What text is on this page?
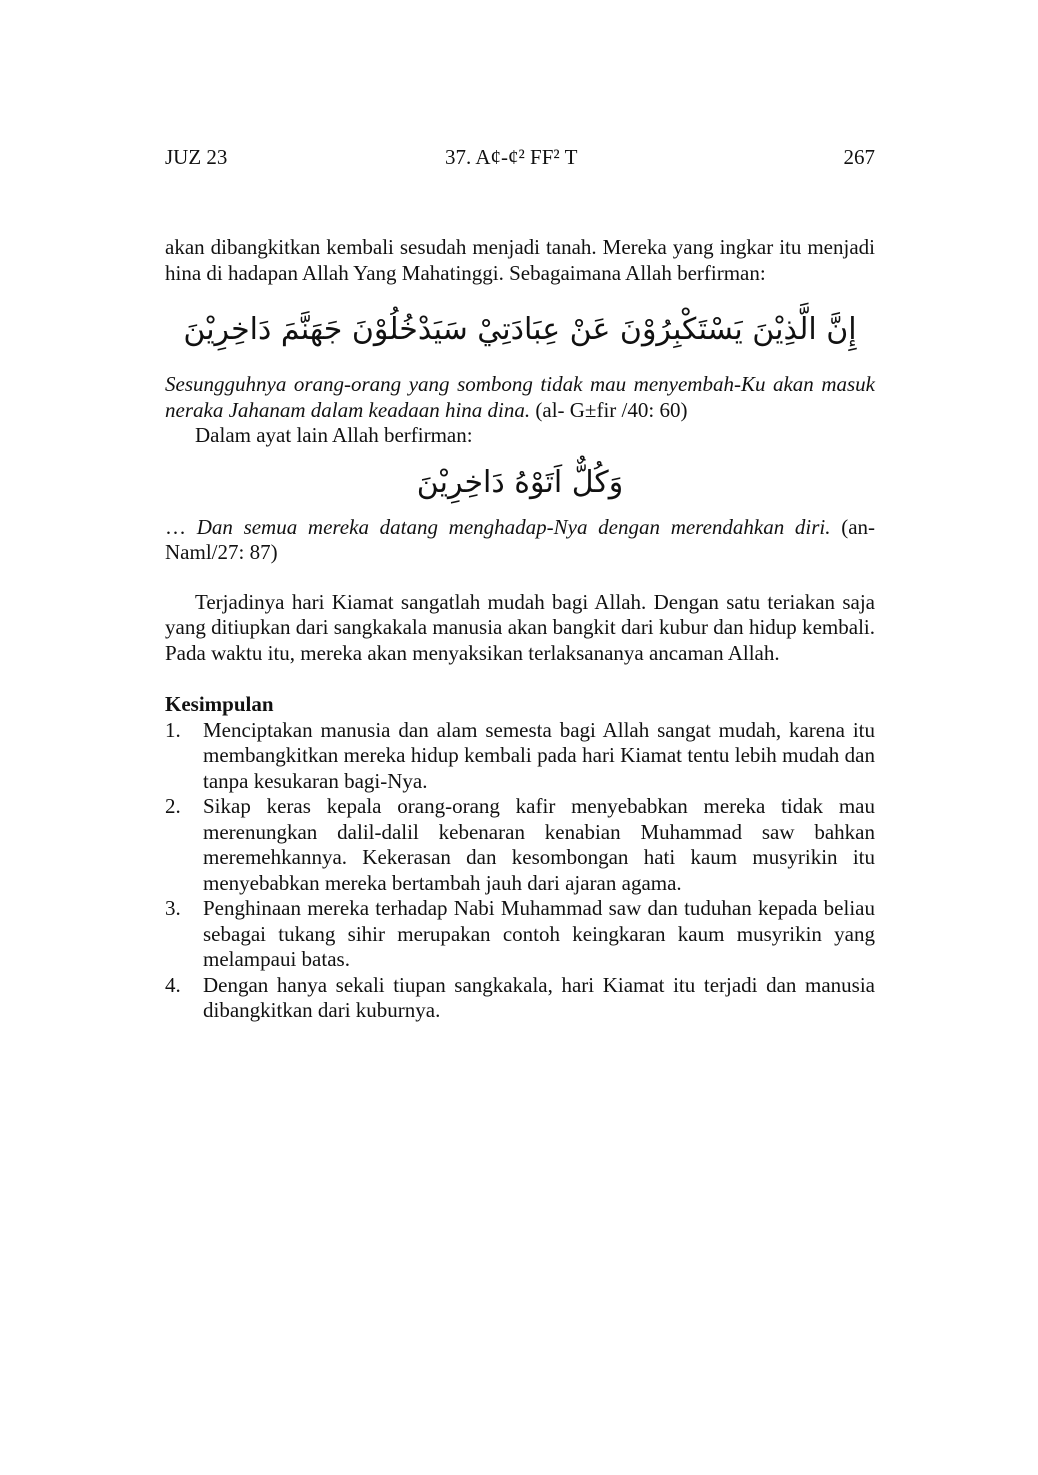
JUZ 23	37. A¢-¢² FF² T	267

akan dibangkitkan kembali sesudah menjadi tanah. Mereka yang ingkar itu menjadi hina di hadapan Allah Yang Mahatinggi. Sebagaimana Allah berfirman:

إِنَّ الَّذِيْنَ يَسْتَكْبِرُوْنَ عَنْ عِبَادَتِيْ سَيَدْخُلُوْنَ جَهَنَّمَ دَاخِرِيْنَ

Sesungguhnya orang-orang yang sombong tidak mau menyembah-Ku akan masuk neraka Jahanam dalam keadaan hina dina. (al- G±fir /40: 60)

Dalam ayat lain Allah berfirman:

وَكُلٌّ اَتَوْهُ دَاخِرِيْنَ

… Dan semua mereka datang menghadap-Nya dengan merendahkan diri. (an-Naml/27: 87)

Terjadinya hari Kiamat sangatlah mudah bagi Allah. Dengan satu teriakan saja yang ditiupkan dari sangkakala manusia akan bangkit dari kubur dan hidup kembali. Pada waktu itu, mereka akan menyaksikan terlaksananya ancaman Allah.

Kesimpulan
1. Menciptakan manusia dan alam semesta bagi Allah sangat mudah, karena itu membangkitkan mereka hidup kembali pada hari Kiamat tentu lebih mudah dan tanpa kesukaran bagi-Nya.
2. Sikap keras kepala orang-orang kafir menyebabkan mereka tidak mau merenungkan dalil-dalil kebenaran kenabian Muhammad saw bahkan meremehkannya. Kekerasan dan kesombongan hati kaum musyrikin itu menyebabkan mereka bertambah jauh dari ajaran agama.
3. Penghinaan mereka terhadap Nabi Muhammad saw dan tuduhan kepada beliau sebagai tukang sihir merupakan contoh keingkaran kaum musyrikin yang melampaui batas.
4. Dengan hanya sekali tiupan sangkakala, hari Kiamat itu terjadi dan manusia dibangkitkan dari kuburnya.
